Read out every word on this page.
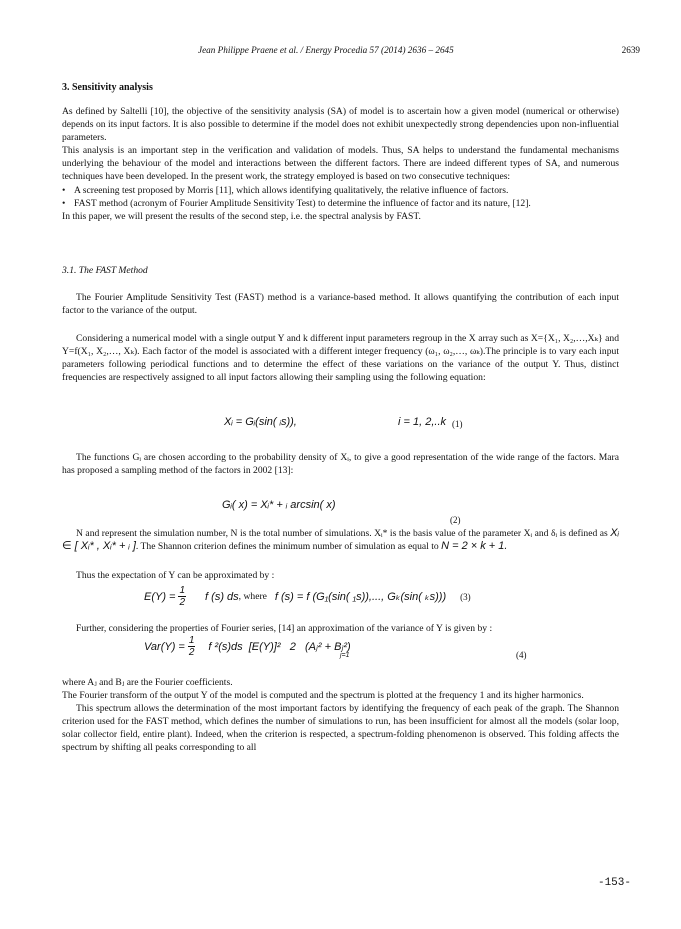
Jean Philippe Praene et al. / Energy Procedia 57 (2014) 2636 – 2645	2639
3. Sensitivity analysis

As defined by Saltelli [10], the objective of the sensitivity analysis (SA) of model is to ascertain how a given model (numerical or otherwise) depends on its input factors. It is also possible to determine if the model does not exhibit unexpectedly strong dependencies upon non-influential parameters.

This analysis is an important step in the verification and validation of models. Thus, SA helps to understand the fundamental mechanisms underlying the behaviour of the model and interactions between the different factors. There are indeed different types of SA, and numerous techniques have been developed. In the present work, the strategy employed is based on two consecutive techniques:

• A screening test proposed by Morris [11], which allows identifying qualitatively, the relative influence of factors.
• FAST method (acronym of Fourier Amplitude Sensitivity Test) to determine the influence of factor and its nature, [12].

In this paper, we will present the results of the second step, i.e. the spectral analysis by FAST.

3.1. The FAST Method
The Fourier Amplitude Sensitivity Test (FAST) method is a variance-based method. It allows quantifying the contribution of each input factor to the variance of the output.
Considering a numerical model with a single output Y and k different input parameters regroup in the X array such as X={X₁, X₂,…,Xₖ} and Y=f(X₁, X₂,…, Xₖ). Each factor of the model is associated with a different integer frequency (ω₁, ω₂,…, ωₖ).The principle is to vary each input parameters following periodical functions and to determine the effect of these variations on the variance of the output Y. Thus, distinct frequencies are respectively assigned to all input factors allowing their sampling using the following equation:
Xᵢ = Gᵢ(sin( ᵢs)),	i = 1, 2,..k (1)
The functions Gᵢ are chosen according to the probability density of Xᵢ, to give a good representation of the wide range of the factors. Mara has proposed a sampling method of the factors in 2002 [13]:
Gᵢ( x) = Xᵢ* + ᵢ arcsin( x)
(2)
N and represent the simulation number, N is the total number of simulations. Xᵢ* is the basis value of the parameter Xᵢ and δᵢ is defined as Xᵢ ∈ [ Xᵢ* , Xᵢ* + ᵢ ]. The Shannon criterion defines the minimum number of simulation as equal to N = 2 × k + 1.
Thus the expectation of Y can be approximated by :
$E(Y) = \frac{1}{2}$ f (s) ds , where f (s) = f (G₁(sin( ₁s)),..., Gₖ(sin( ₖs))) (3)
Further, considering the properties of Fourier series, [14] an approximation of the variance of Y is given by :
$Var(Y) = \frac{1}{2}$ f ²(s)ds  [E(Y)]²   2   (Aⱼ² + Bⱼ²)
j=1	(4)

where Aⱼ and Bⱼ are the Fourier coefficients.

The Fourier transform of the output Y of the model is computed and the spectrum is plotted at the frequency 1 and its higher harmonics.

This spectrum allows the determination of the most important factors by identifying the frequency of each peak of the graph. The Shannon criterion used for the FAST method, which defines the number of simulations to run, has been insufficient for almost all the models (solar loop, solar collector field, entire plant). Indeed, when the criterion is respected, a spectrum-folding phenomenon is observed. This folding affects the spectrum by shifting all peaks corresponding to all

-153-
